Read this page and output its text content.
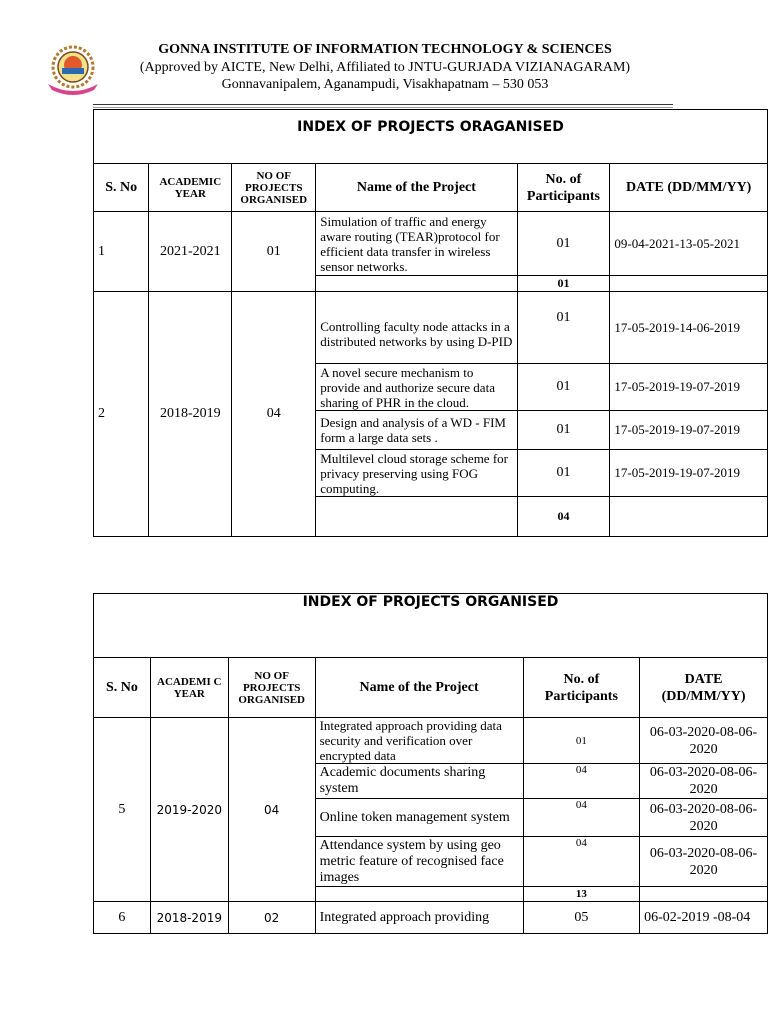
GONNA INSTITUTE OF INFORMATION TECHNOLOGY & SCIENCES
(Approved by AICTE, New Delhi, Affiliated to JNTU-GURJADA VIZIANAGARAM)
Gonnavanipalem, Aganampudi, Visakhapatnam – 530 053
INDEX OF PROJECTS ORAGANISED					
S. No	ACADEMIC YEAR	NO OF PROJECTS ORGANISED	Name of the Project	No. of Participants	DATE (DD/MM/YY)
1	2021-2021	01	Simulation of traffic and energy aware routing (TEAR)protocol for efficient data transfer in wireless sensor networks.	01	09-04-2021-13-05-2021
				01	
2	2018-2019	04	Controlling faculty node attacks in a distributed networks by using D-PID	01	17-05-2019-14-06-2019
			A novel secure mechanism to provide and authorize secure data sharing of PHR in the cloud.	01	17-05-2019-19-07-2019
			Design and analysis of a WD - FIM form a large data sets .	01	17-05-2019-19-07-2019
			Multilevel cloud storage scheme for privacy preserving using FOG computing.	01	17-05-2019-19-07-2019
				04	
INDEX OF PROJECTS ORGANISED					
S. No	ACADEMI C YEAR	NO OF PROJECTS ORGANISED	Name of the Project	No. of Participants	DATE (DD/MM/YY)
5	2019-2020	04	Integrated approach providing data security and verification over encrypted data	01	06-03-2020-08-06-2020
			Academic documents sharing system	04	06-03-2020-08-06-2020
			Online token management system	04	06-03-2020-08-06-2020
			Attendance system by using geo metric feature of recognised face images	04	06-03-2020-08-06-2020
				13	
6	2018-2019	02	Integrated approach providing	05	06-02-2019 -08-04
